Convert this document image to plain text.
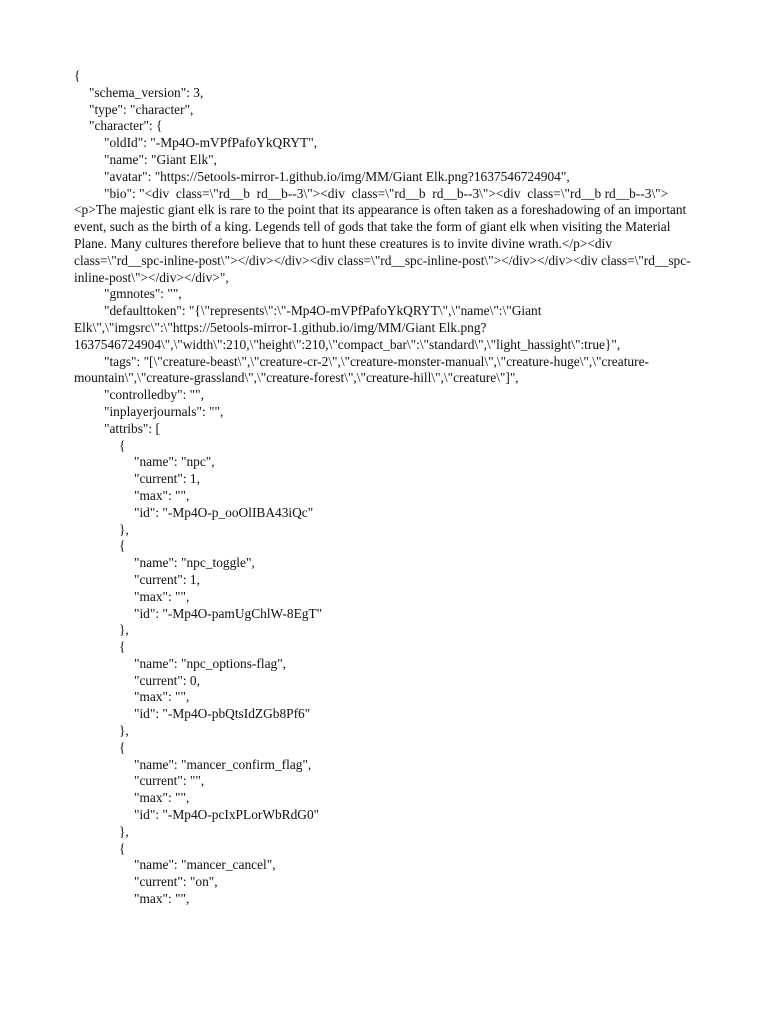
{

"schema_version": 3,

"type": "character",

"character": {

"oldId": "-Mp4O-mVPfPafoYkQRYT",

"name": "Giant Elk",

"avatar": "https://5etools-mirror-1.github.io/img/MM/Giant Elk.png?1637546724904",

"bio": "<div  class=\"rd__b  rd__b--3\"><div  class=\"rd__b  rd__b--3\"><div  class=\"rd__b rd__b--3\"><p>The majestic giant elk is rare to the point that its appearance is often taken as a foreshadowing of an important event, such as the birth of a king. Legends tell of gods that take the form of giant elk when visiting the Material Plane. Many cultures therefore believe that to hunt these creatures is to invite divine wrath.</p><div class=\"rd__spc-inline-post\"></div></div><div class=\"rd__spc-inline-post\"></div></div><div class=\"rd__spc-inline-post\"></div></div>",

"gmnotes": "",

"defaulttoken": "{\"represents\":\"-Mp4O-mVPfPafoYkQRYT\",\"name\":\"Giant Elk\",\"imgsrc\":\"https://5etools-mirror-1.github.io/img/MM/Giant Elk.png?1637546724904\",\"width\":210,\"height\":210,\"compact_bar\":\"standard\",\"light_hassight\":true}",

"tags": "[\"creature-beast\",\"creature-cr-2\",\"creature-monster-manual\",\"creature-huge\",\"creature-mountain\",\"creature-grassland\",\"creature-forest\",\"creature-hill\",\"creature\"]",

"controlledby": "",

"inplayerjournals": "",

"attribs": [

{

"name": "npc",

"current": 1,

"max": "",

"id": "-Mp4O-p_ooOlIBA43iQc"

},

{

"name": "npc_toggle",

"current": 1,

"max": "",

"id": "-Mp4O-pamUgChlW-8EgT"

},

{

"name": "npc_options-flag",

"current": 0,

"max": "",

"id": "-Mp4O-pbQtsIdZGb8Pf6"

},

{

"name": "mancer_confirm_flag",

"current": "",

"max": "",

"id": "-Mp4O-pcIxPLorWbRdG0"

},

{

"name": "mancer_cancel",

"current": "on",

"max": "",
